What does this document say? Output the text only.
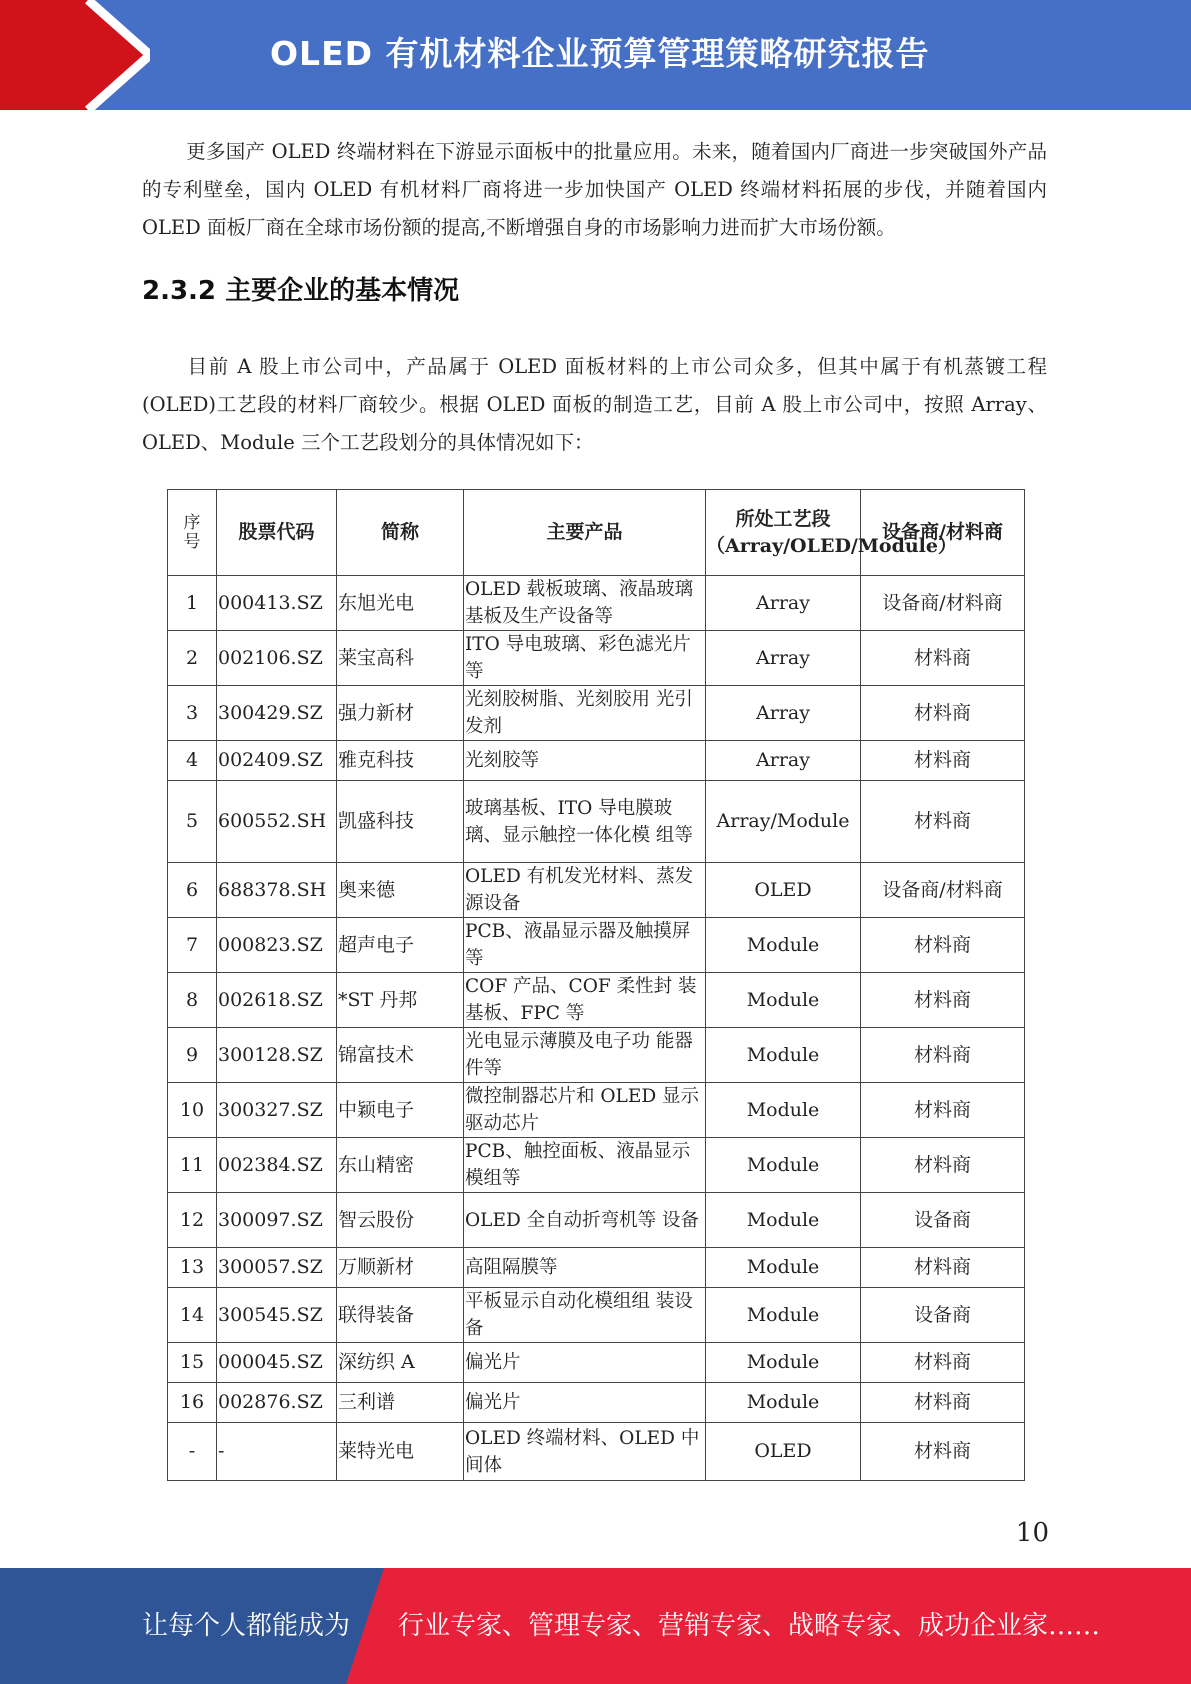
OLED 有机材料企业预算管理策略研究报告

更多国产 OLED 终端材料在下游显示面板中的批量应用。未来，随着国内厂商进一步突破国外产品的专利壁垒，国内 OLED 有机材料厂商将进一步加快国产 OLED 终端材料拓展的步伐，并随着国内 OLED 面板厂商在全球市场份额的提高,不断增强自身的市场影响力进而扩大市场份额。

2.3.2 主要企业的基本情况

目前 A 股上市公司中，产品属于 OLED 面板材料的上市公司众多，但其中属于有机蒸镀工程(OLED)工艺段的材料厂商较少。根据 OLED 面板的制造工艺，目前 A 股上市公司中，按照 Array、OLED、Module 三个工艺段划分的具体情况如下：

序
号	股票代码	简称	主要产品	所处工艺段（Array/OLED/Module）	设备商/材料商
1	000413.SZ	东旭光电	OLED 载板玻璃、液晶玻璃基板及生产设备等	Array	设备商/材料商
2	002106.SZ	莱宝高科	ITO 导电玻璃、彩色滤光片等	Array	材料商
3	300429.SZ	强力新材	光刻胶树脂、光刻胶用 光引发剂	Array	材料商
4	002409.SZ	雅克科技	光刻胶等	Array	材料商
5	600552.SH	凯盛科技	玻璃基板、ITO 导电膜玻璃、显示触控一体化模 组等	Array/Module	材料商
6	688378.SH	奥来德	OLED 有机发光材料、蒸发源设备	OLED	设备商/材料商
7	000823.SZ	超声电子	PCB、液晶显示器及触摸屏等	Module	材料商
8	002618.SZ	*ST 丹邦	COF 产品、COF 柔性封 装基板、FPC 等	Module	材料商
9	300128.SZ	锦富技术	光电显示薄膜及电子功 能器件等	Module	材料商
10	300327.SZ	中颖电子	微控制器芯片和 OLED 显示驱动芯片	Module	材料商
11	002384.SZ	东山精密	PCB、触控面板、液晶显示模组等	Module	材料商
12	300097.SZ	智云股份	OLED 全自动折弯机等 设备	Module	设备商
13	300057.SZ	万顺新材	高阻隔膜等	Module	材料商
14	300545.SZ	联得装备	平板显示自动化模组组 装设备	Module	设备商
15	000045.SZ	深纺织 A	偏光片	Module	材料商
16	002876.SZ	三利谱	偏光片	Module	材料商
-	-	莱特光电	OLED 终端材料、OLED 中间体	OLED	材料商
10
让每个人都能成为 行业专家、管理专家、营销专家、战略专家、成功企业家……
